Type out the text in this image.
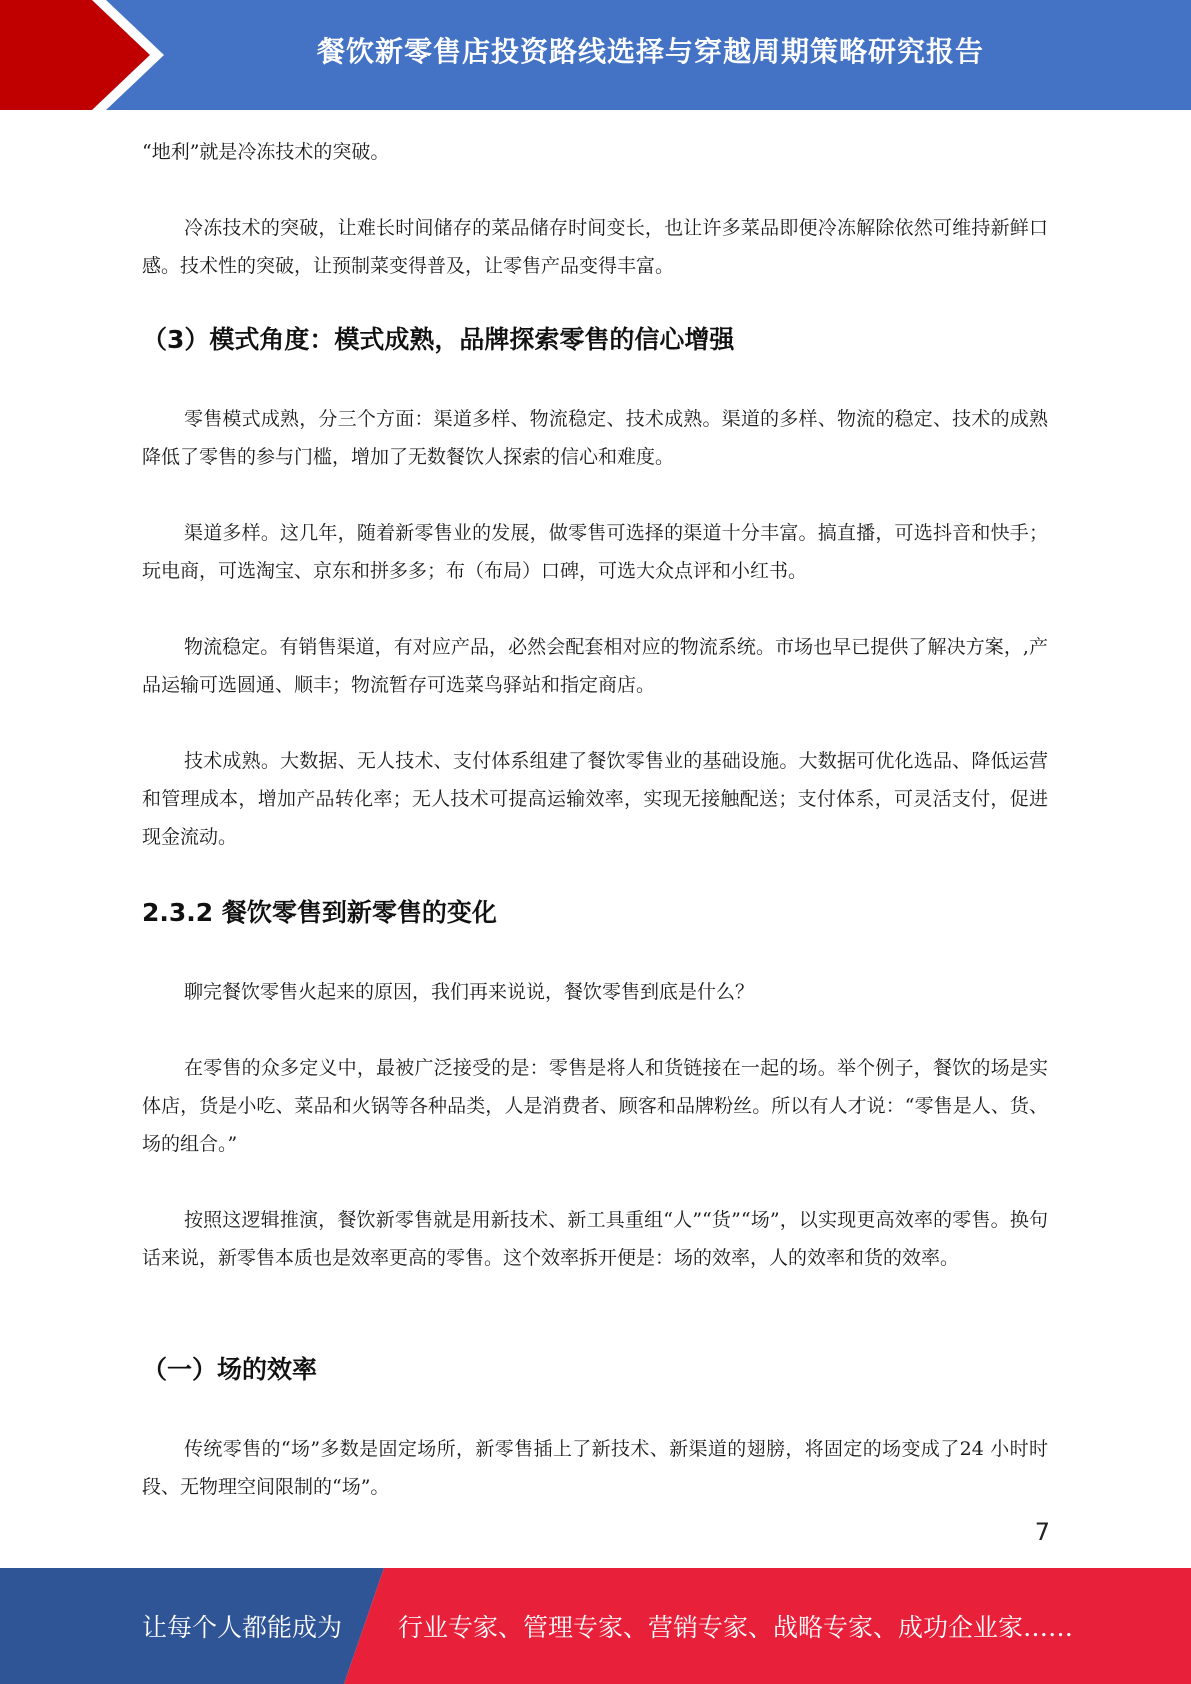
餐饮新零售店投资路线选择与穿越周期策略研究报告

“地利”就是冷冻技术的突破。

冷冻技术的突破，让难长时间储存的菜品储存时间变长，也让许多菜品即便冷冻解除依然可维持新鲜口感。技术性的突破，让预制菜变得普及，让零售产品变得丰富。

（3）模式角度：模式成熟，品牌探索零售的信心增强

零售模式成熟，分三个方面：渠道多样、物流稳定、技术成熟。渠道的多样、物流的稳定、技术的成熟降低了零售的参与门槛，增加了无数餐饮人探索的信心和难度。

渠道多样。这几年，随着新零售业的发展，做零售可选择的渠道十分丰富。搞直播，可选抖音和快手；玩电商，可选淘宝、京东和拼多多；布（布局）口碑，可选大众点评和小红书。

物流稳定。有销售渠道，有对应产品，必然会配套相对应的物流系统。市场也早已提供了解决方案，,产品运输可选圆通、顺丰；物流暂存可选菜鸟驿站和指定商店。

技术成熟。大数据、无人技术、支付体系组建了餐饮零售业的基础设施。大数据可优化选品、降低运营和管理成本，增加产品转化率；无人技术可提高运输效率，实现无接触配送；支付体系，可灵活支付，促进现金流动。

2.3.2 餐饮零售到新零售的变化

聊完餐饮零售火起来的原因，我们再来说说，餐饮零售到底是什么？

在零售的众多定义中，最被广泛接受的是：零售是将人和货链接在一起的场。举个例子，餐饮的场是实体店，货是小吃、菜品和火锅等各种品类，人是消费者、顾客和品牌粉丝。所以有人才说：“零售是人、货、场的组合。”

按照这逻辑推演，餐饮新零售就是用新技术、新工具重组“人”“货”“场”，以实现更高效率的零售。换句话来说，新零售本质也是效率更高的零售。这个效率拆开便是：场的效率，人的效率和货的效率。

（一）场的效率

传统零售的“场”多数是固定场所，新零售插上了新技术、新渠道的翅膀，将固定的场变成了24 小时时段、无物理空间限制的“场”。

7
让每个人都能成为 行业专家、管理专家、营销专家、战略专家、成功企业家……
